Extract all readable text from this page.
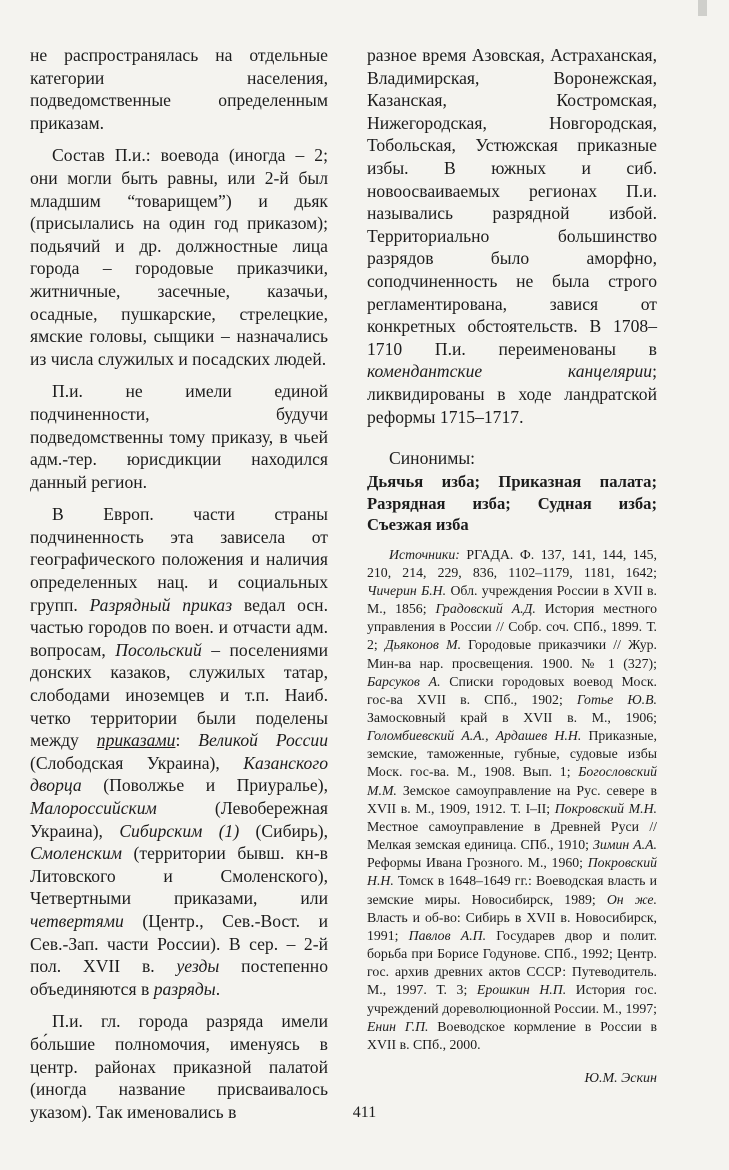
не распространялась на отдельные категории населения, подведомственные определенным приказам.

Состав П.и.: воевода (иногда – 2; они могли быть равны, или 2-й был младшим “товарищем”) и дьяк (присылались на один год приказом); подьячий и др. должностные лица города – городовые приказчики, житничные, засечные, казачьи, осадные, пушкарские, стрелецкие, ямские головы, сыщики – назначались из числа служилых и посадских людей.

П.и. не имели единой подчиненности, будучи подведомственны тому приказу, в чьей адм.-тер. юрисдикции находился данный регион.

В Европ. части страны подчиненность эта зависела от географического положения и наличия определенных нац. и социальных групп. Разрядный приказ ведал осн. частью городов по воен. и отчасти адм. вопросам, Посольский – поселениями донских казаков, служилых татар, слободами иноземцев и т.п. Наиб. четко территории были поделены между приказами: Великой России (Слободская Украина), Казанского дворца (Поволжье и Приуралье), Малороссийским (Левобережная Украина), Сибирским (1) (Сибирь), Смоленским (территории бывш. кн-в Литовского и Смоленского), Четвертными приказами, или четвертями (Центр., Сев.-Вост. и Сев.-Зап. части России). В сер. – 2-й пол. XVII в. уезды постепенно объединяются в разряды.

П.и. гл. города разряда имели бо́льшие полномочия, именуясь в центр. районах приказной палатой (иногда название присваивалось указом). Так именовались в

разное время Азовская, Астраханская, Владимирская, Воронежская, Казанская, Костромская, Нижегородская, Новгородская, Тобольская, Устюжская приказные избы. В южных и сиб. новоосваиваемых регионах П.и. назывались разрядной избой. Территориально большинство разрядов было аморфно, соподчиненность не была строго регламентирована, завися от конкретных обстоятельств. В 1708–1710 П.и. переименованы в комендантские канцелярии; ликвидированы в ходе ландратской реформы 1715–1717.

Синонимы:
Дьячья изба; Приказная палата; Разрядная изба; Судная изба; Съезжая изба

Источники: РГАДА. Ф. 137, 141, 144, 145, 210, 214, 229, 836, 1102–1179, 1181, 1642; Чичерин Б.Н. Обл. учреждения России в XVII в. М., 1856; Градовский А.Д. История местного управления в России // Собр. соч. СПб., 1899. Т. 2; Дьяконов М. Городовые приказчики // Жур. Мин-ва нар. просвещения. 1900. № 1 (327); Барсуков А. Списки городовых воевод Моск. гос-ва XVII в. СПб., 1902; Готье Ю.В. Замосковный край в XVII в. М., 1906; Голомбиевский А.А., Ардашев Н.Н. Приказные, земские, таможенные, губные, судовые избы Моск. гос-ва. М., 1908. Вып. 1; Богословский М.М. Земское самоуправление на Рус. севере в XVII в. М., 1909, 1912. Т. I–II; Покровский М.Н. Местное самоуправление в Древней Руси // Мелкая земская единица. СПб., 1910; Зимин А.А. Реформы Ивана Грозного. М., 1960; Покровский Н.Н. Томск в 1648–1649 гг.: Воеводская власть и земские миры. Новосибирск, 1989; Он же. Власть и об-во: Сибирь в XVII в. Новосибирск, 1991; Павлов А.П. Государев двор и полит. борьба при Борисе Годунове. СПб., 1992; Центр. гос. архив древних актов СССР: Путеводитель. М., 1997. Т. 3; Ерошкин Н.П. История гос. учреждений дореволюционной России. М., 1997; Енин Г.П. Воеводское кормление в России в XVII в. СПб., 2000.

Ю.М. Эскин
411
